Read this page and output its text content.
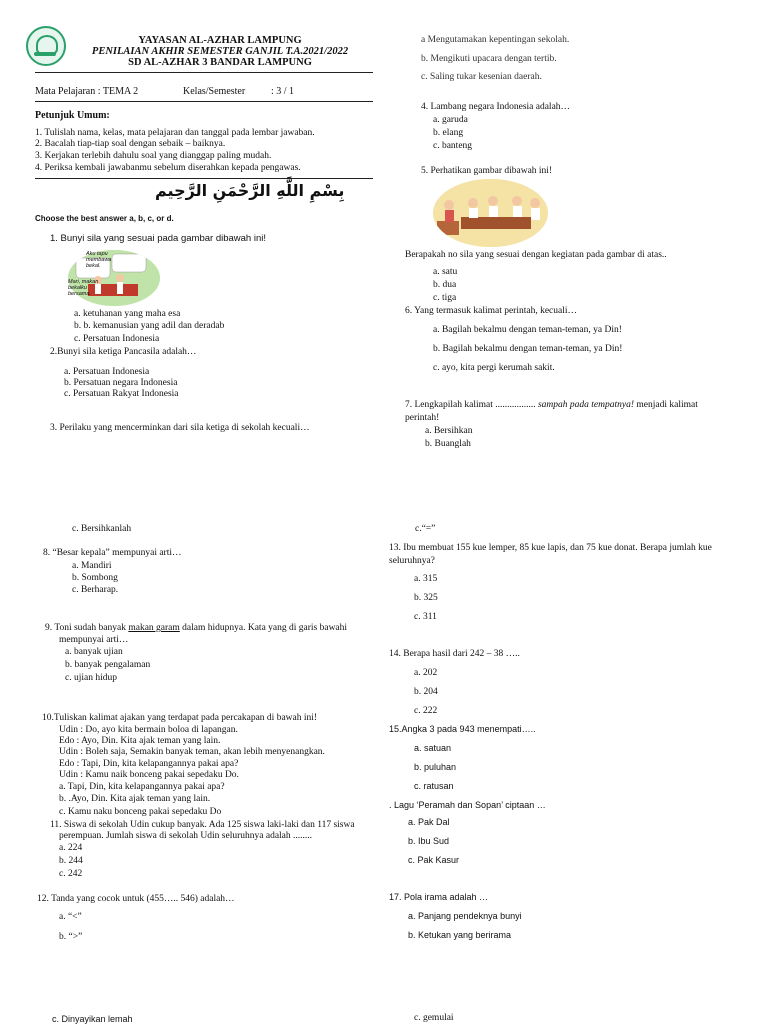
YAYASAN AL-AZHAR LAMPUNG
PENILAIAN AKHIR SEMESTER GANJIL T.A.2021/2022
SD AL-AZHAR 3 BANDAR LAMPUNG
Mata Pelajaran : TEMA 2	Kelas/Semester	: 3 / 1
Petunjuk Umum:
1. Tulislah nama, kelas, mata pelajaran dan tanggal pada lembar jawaban.
2. Bacalah tiap-tiap soal dengan sebaik – baiknya.
3. Kerjakan terlebih dahulu soal yang dianggap paling mudah.
4. Periksa kembali jawabanmu sebelum diserahkan kepada pengawas.
بِسْمِ اللَّهِ الرَّحْمَنِ الرَّحِيم
Choose the best answer a, b, c, or d.
1. Bunyi sila yang sesuai pada gambar dibawah ini!
Aku tapu membawa bekal.
Mari, makan bekalku bersama.
a. ketuhanan yang maha esa
b. b. kemanusian yang adil dan deradab
c. Persatuan Indonesia
2.Bunyi sila ketiga Pancasila adalah…
a. Persatuan Indonesia
b. Persatuan negara Indonesia
c. Persatuan Rakyat Indonesia
3. Perilaku yang mencerminkan dari sila ketiga di sekolah kecuali…
a Mengutamakan kepentingan sekolah.
b. Mengikuti upacara dengan tertib.
c. Saling tukar kesenian daerah.
4. Lambang negara Indonesia adalah…
a. garuda
b. elang
c. banteng
5. Perhatikan gambar dibawah ini!
Berapakah no sila yang sesuai dengan kegiatan pada gambar di atas..
a. satu
b. dua
c. tiga
6. Yang termasuk kalimat perintah, kecuali…
a. Bagilah bekalmu dengan teman-teman, ya Din!
b. Bagilah bekalmu dengan teman-teman, ya Din!
c. ayo, kita pergi kerumah sakit.
7. Lengkapilah kalimat ................. sampah pada tempatnya! menjadi kalimat
perintah!
a. Bersihkan
b. Buanglah
c. Bersihkanlah
8. “Besar kepala” mempunyai arti…
a. Mandiri
b. Sombong
c. Berharap.
9. Toni sudah banyak makan garam dalam hidupnya. Kata yang di garis bawahi
mempunyai arti…
a. banyak ujian
b. banyak pengalaman
c. ujian hidup
10.Tuliskan kalimat ajakan yang terdapat pada percakapan di bawah ini!
Udin : Do, ayo kita bermain boloa di lapangan.
Edo : Ayo, Din. Kita ajak teman yang lain.
Udin : Boleh saja, Semakin banyak teman, akan lebih menyenangkan.
Edo : Tapi, Din, kita kelapangannya pakai apa?
Udin : Kamu naik bonceng pakai sepedaku Do.
a. Tapi, Din, kita kelapangannya pakai apa?
b. .Ayo, Din. Kita ajak teman yang lain.
c. Kamu naku bonceng pakai sepedaku Do
11. Siswa di sekolah Udin cukup banyak. Ada 125 siswa laki-laki dan 117 siswa
perempuan. Jumlah siswa di sekolah Udin seluruhnya adalah ........
a. 224
b. 244
c. 242
12. Tanda yang cocok untuk (455….. 546) adalah…
a. “<”
b. “>”
c. Dinyayikan lemah
c.“=”
13. Ibu membuat 155 kue lemper, 85 kue lapis, dan 75 kue donat. Berapa jumlah kue
seluruhnya?
a. 315
b. 325
c. 311
14. Berapa hasil dari 242 – 38 …..
a. 202
b. 204
c. 222
15.Angka 3 pada 943 menempati…..
a. satuan
b. puluhan
c. ratusan
. Lagu ‘Peramah dan Sopan’ ciptaan …
a. Pak Dal
b. Ibu Sud
c. Pak Kasur
17. Pola irama adalah …
a. Panjang pendeknya bunyi
b. Ketukan yang berirama
c. gemulai
